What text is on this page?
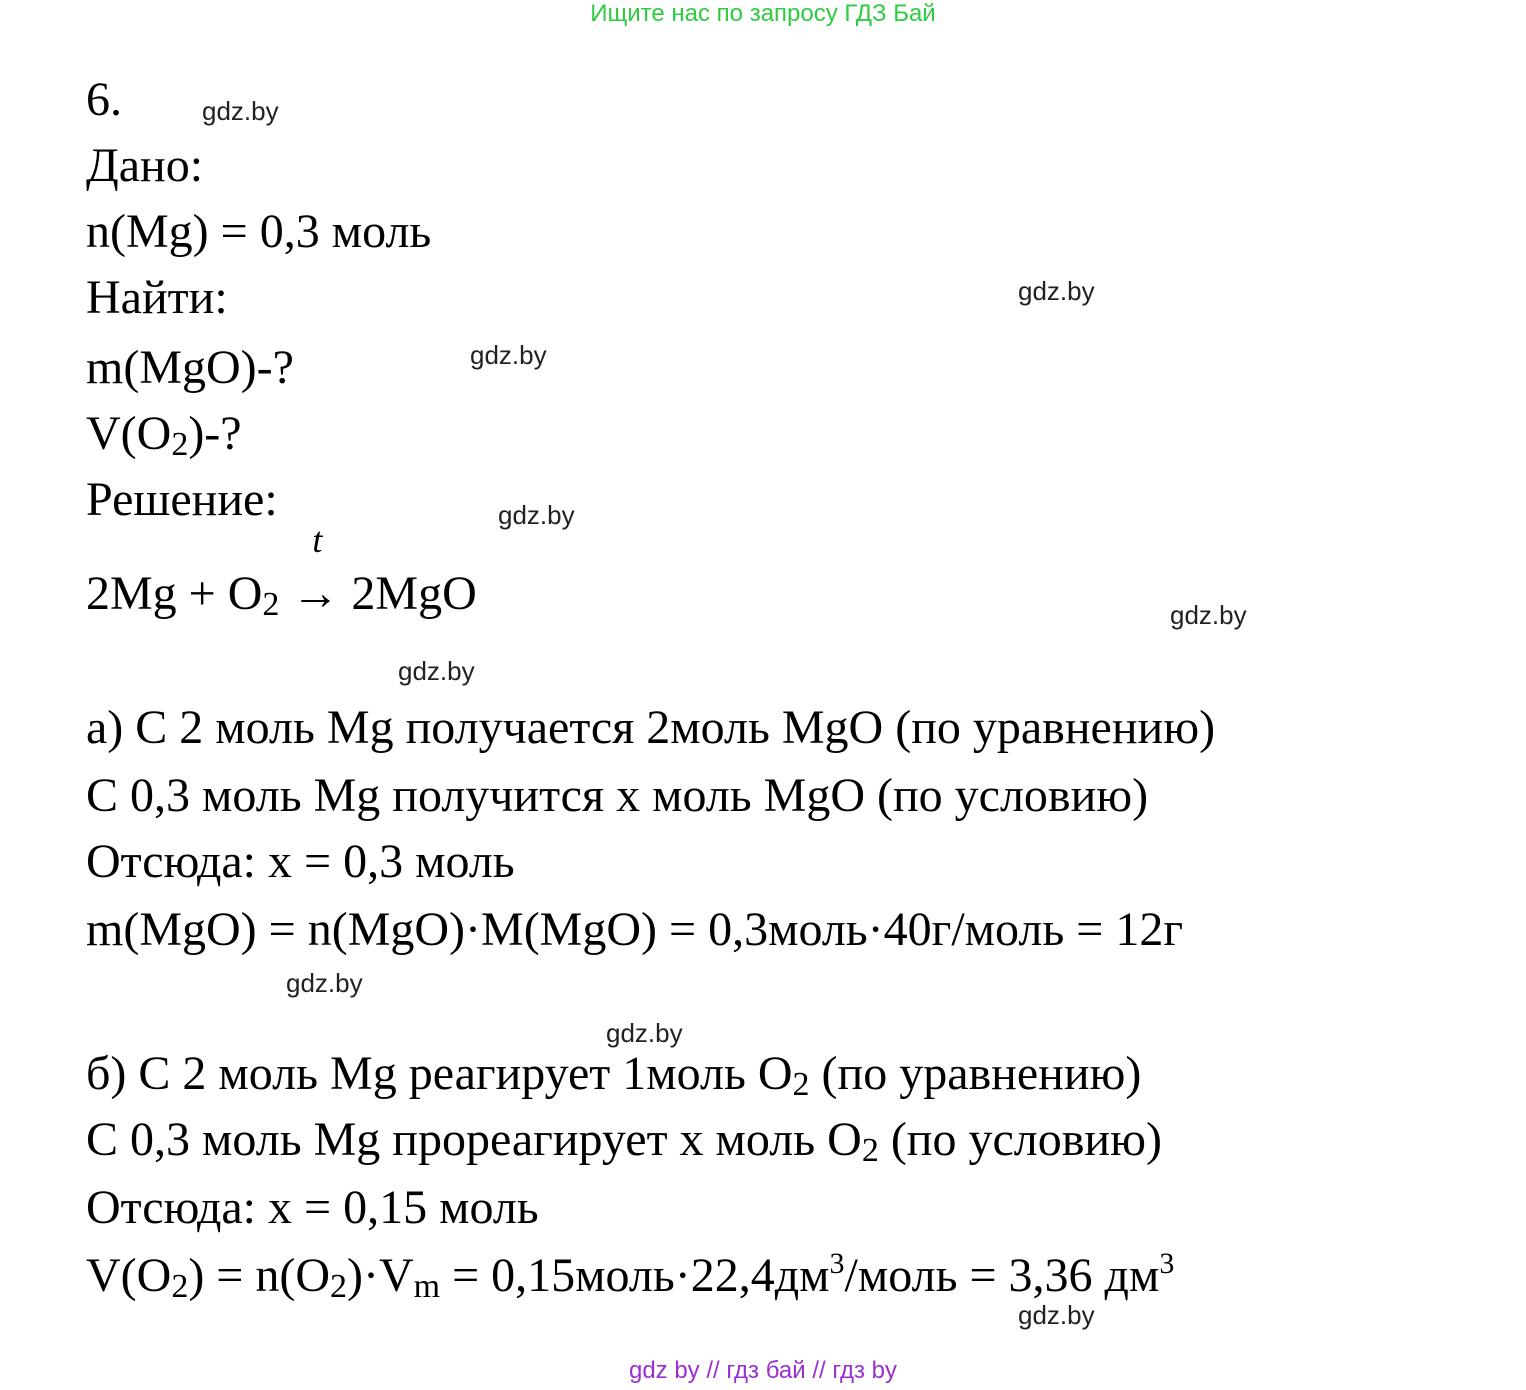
Ищите нас по запросу ГДЗ Бай
6.
Дано:
n(Mg) = 0,3 моль
Найти:
m(MgO)-?
$V(O_2)-$?
Решение:
$2Mg + O_2$
t
→ 2MgO
а) С 2 моль Mg получается 2моль MgO (по уравнению)
С 0,3 моль Mg получится х моль MgO (по условию)
Отсюда: х = 0,3 моль
m(MgO) = n(MgO)·M(MgO) = 0,3моль·40г/моль = 12г
б) С 2 моль Mg реагирует 1моль $O_2$ (по уравнению)
С 0,3 моль Mg прореагирует х моль $O_2$ (по условию)
Отсюда: х = 0,15 моль
$V(O_2) = n(O_2)\cdot V_m$ = $0,15моль\cdot 22,4дм^3$/моль = 3,36 $дм^3$
gdz.by
gdz.by
gdz.by
gdz.by
gdz.by
gdz.by
gdz.by
gdz.by
gdz.by
gdz by // гдз бай // гдз by
